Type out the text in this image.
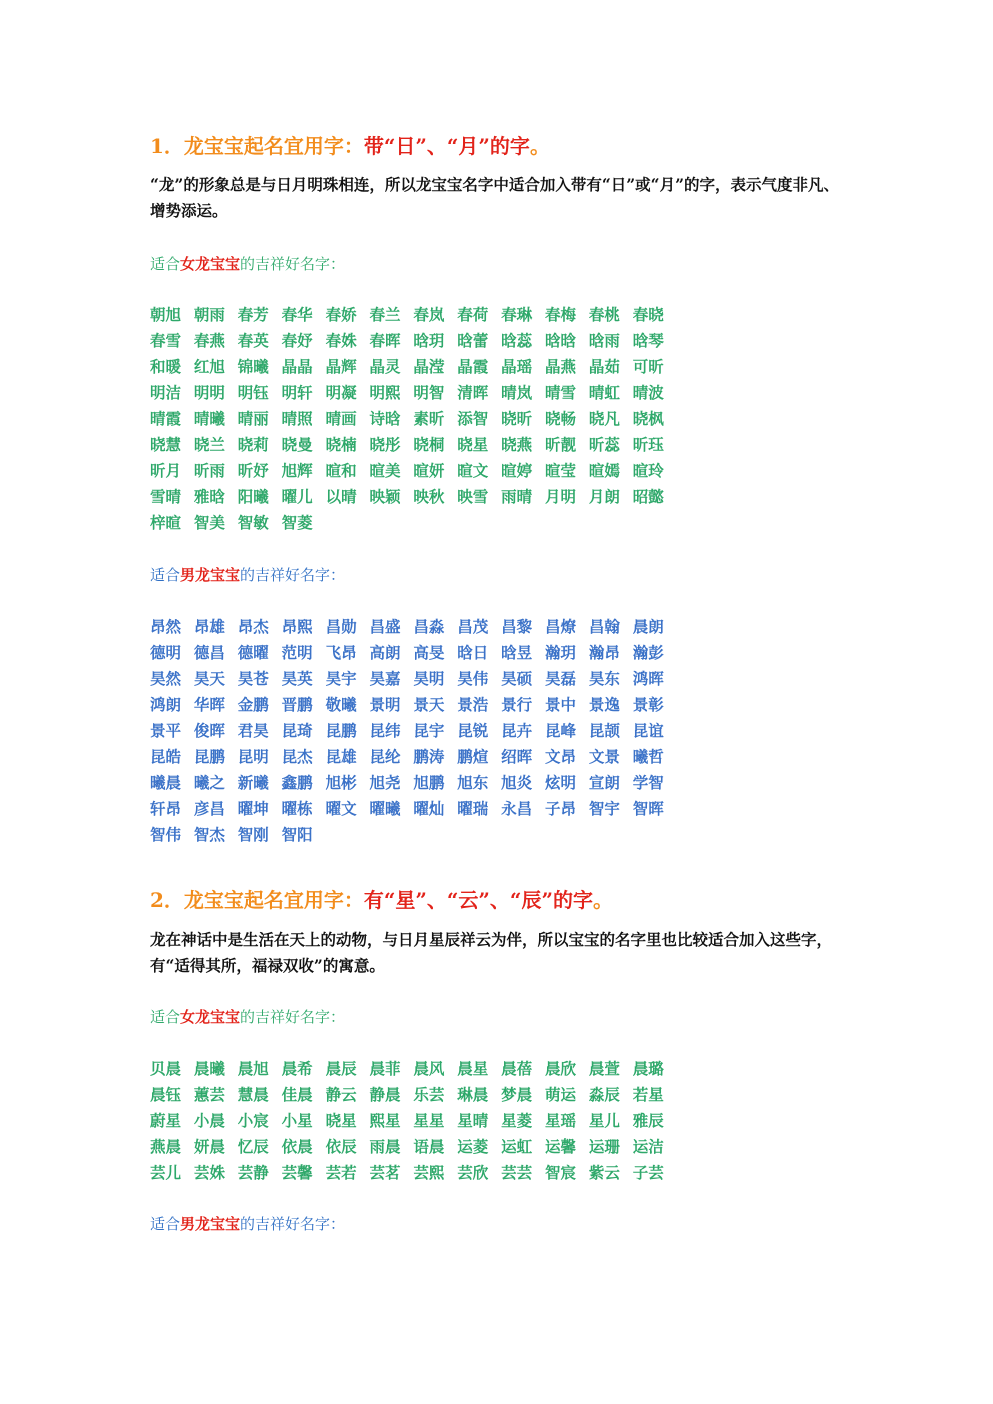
1．龙宝宝起名宜用字：带“日”、“月”的字。
“龙”的形象总是与日月明珠相连，所以龙宝宝名字中适合加入带有“日”或“月”的字，表示气度非凡、增势添运。
适合女龙宝宝的吉祥好名字：
朝旭 朝雨 春芳 春华 春娇 春兰 春岚 春荷 春琳 春梅 春桃 春晓
春雪 春燕 春英 春妤 春姝 春晖 晗玥 晗蕾 晗蕊 晗晗 晗雨 晗琴
和暖 红旭 锦曦 晶晶 晶辉 晶灵 晶滢 晶霞 晶瑶 晶燕 晶茹 可昕
明洁 明明 明钰 明轩 明凝 明熙 明智 清晖 晴岚 晴雪 晴虹 晴波
晴霞 晴曦 晴丽 晴照 晴画 诗晗 素昕 添智 晓昕 晓畅 晓凡 晓枫
晓慧 晓兰 晓莉 晓曼 晓楠 晓彤 晓桐 晓星 晓燕 昕靓 昕蕊 昕珏
昕月 昕雨 昕妤 旭辉 暄和 暄美 暄妍 暄文 暄婷 暄莹 暄嫣 暄玲
雪晴 雅晗 阳曦 曜儿 以晴 映颖 映秋 映雪 雨晴 月明 月朗 昭懿
梓暄 智美 智敏 智菱
适合男龙宝宝的吉祥好名字：
昂然 昂雄 昂杰 昂熙 昌勋 昌盛 昌淼 昌茂 昌黎 昌燎 昌翰 晨朗
德明 德昌 德曜 范明 飞昂 高朗 高旻 晗日 晗昱 瀚玥 瀚昂 瀚彭
昊然 昊天 昊苍 昊英 昊宇 昊嘉 昊明 昊伟 昊硕 昊磊 昊东 鸿晖
鸿朗 华晖 金鹏 晋鹏 敬曦 景明 景天 景浩 景行 景中 景逸 景彰
景平 俊晖 君昊 昆琦 昆鹏 昆纬 昆宇 昆锐 昆卉 昆峰 昆颉 昆谊
昆皓 昆鹏 昆明 昆杰 昆雄 昆纶 鹏涛 鹏煊 绍晖 文昂 文景 曦哲
曦晨 曦之 新曦 鑫鹏 旭彬 旭尧 旭鹏 旭东 旭炎 炫明 宣朗 学智
轩昂 彦昌 曜坤 曜栋 曜文 曜曦 曜灿 曜瑞 永昌 子昂 智宇 智晖
智伟 智杰 智刚 智阳
2．龙宝宝起名宜用字：有“星”、“云”、“辰”的字。
龙在神话中是生活在天上的动物，与日月星辰祥云为伴，所以宝宝的名字里也比较适合加入这些字，有“适得其所，福禄双收”的寓意。
适合女龙宝宝的吉祥好名字：
贝晨 晨曦 晨旭 晨希 晨辰 晨菲 晨风 晨星 晨蓓 晨欣 晨萱 晨璐
晨钰 蕙芸 慧晨 佳晨 静云 静晨 乐芸 琳晨 梦晨 萌运 淼辰 若星
蔚星 小晨 小宸 小星 晓星 熙星 星星 星晴 星菱 星瑶 星儿 雅辰
燕晨 妍晨 忆辰 依晨 依辰 雨晨 语晨 运菱 运虹 运馨 运珊 运洁
芸儿 芸姝 芸静 芸馨 芸若 芸茗 芸熙 芸欣 芸芸 智宸 紫云 子芸
适合男龙宝宝的吉祥好名字：
